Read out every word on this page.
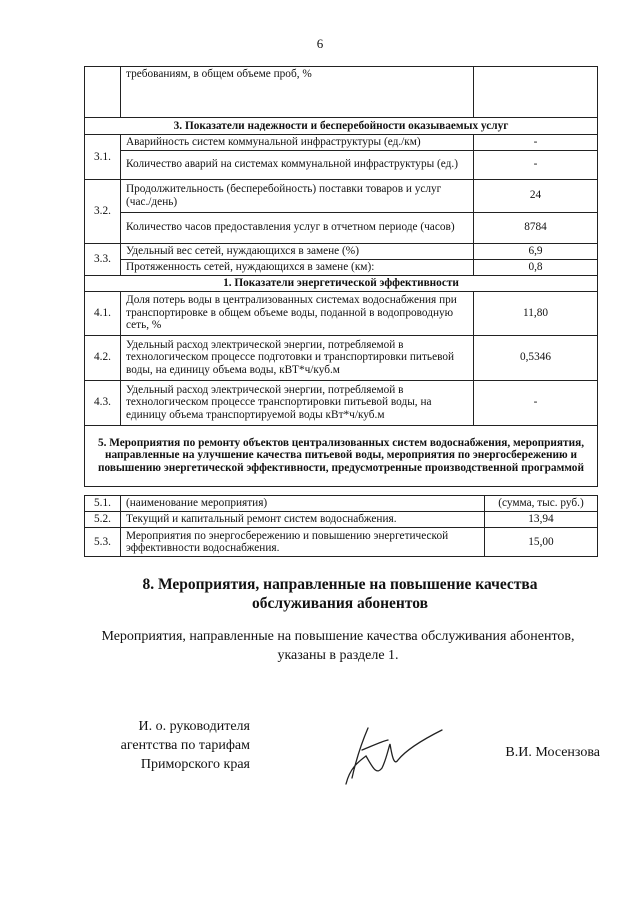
6
	требованиям, в общем объеме проб, %	
3. Показатели надежности и бесперебойности оказываемых услуг		
3.1.	Аварийность систем коммунальной инфраструктуры (ед./км)	-
	Количество аварий на системах коммунальной инфраструктуры (ед.)	-
3.2.	Продолжительность (бесперебойность) поставки товаров и услуг (час./день)	24
	Количество часов предоставления услуг в отчетном периоде (часов)	8784
3.3.	Удельный вес сетей, нуждающихся в замене (%)	6,9
	Протяженность сетей, нуждающихся в замене (км):	0,8
1. Показатели энергетической эффективности		
4.1.	Доля потерь воды в централизованных системах водоснабжения при транспортировке в общем объеме воды, поданной в водопроводную сеть, %	11,80
4.2.	Удельный расход электрической энергии, потребляемой в технологическом процессе подготовки и транспортировки питьевой воды, на единицу объема воды, кВТ*ч/куб.м	0,5346
4.3.	Удельный расход электрической энергии, потребляемой в технологическом процессе транспортировки питьевой воды, на единицу объема транспортируемой воды кВт*ч/куб.м	-
5. Мероприятия по ремонту объектов централизованных систем водоснабжения, мероприятия, направленные на улучшение качества питьевой воды, мероприятия по энергосбережению и повышению энергетической эффективности, предусмотренные производственной программой		
5.1.	(наименование мероприятия)	(сумма, тыс. руб.)
5.2.	Текущий и капитальный ремонт систем водоснабжения.	13,94
5.3.	Мероприятия по энергосбережению и повышению энергетической эффективности водоснабжения.	15,00
8. Мероприятия, направленные на повышение качества обслуживания абонентов
Мероприятия, направленные на повышение качества обслуживания абонентов, указаны в разделе 1.
И. о. руководителя агентства по тарифам Приморского края
В.И. Мосензова
